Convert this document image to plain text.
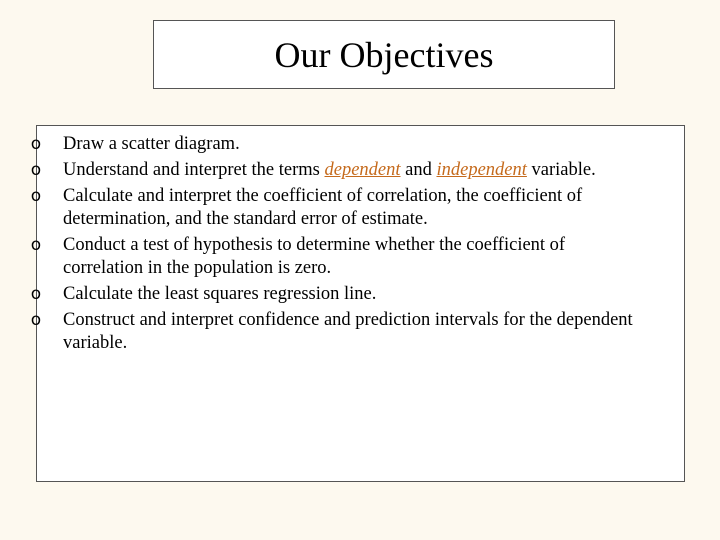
Our Objectives
o Draw a scatter diagram.
o Understand and interpret the terms dependent and independent variable.
o Calculate and interpret the coefficient of correlation, the coefficient of
determination, and the standard error of estimate.
o Conduct a test of hypothesis to determine whether the coefficient of
correlation in the population is zero.
o Calculate the least squares regression line.
o Construct and interpret confidence and prediction intervals for the dependent
variable.
